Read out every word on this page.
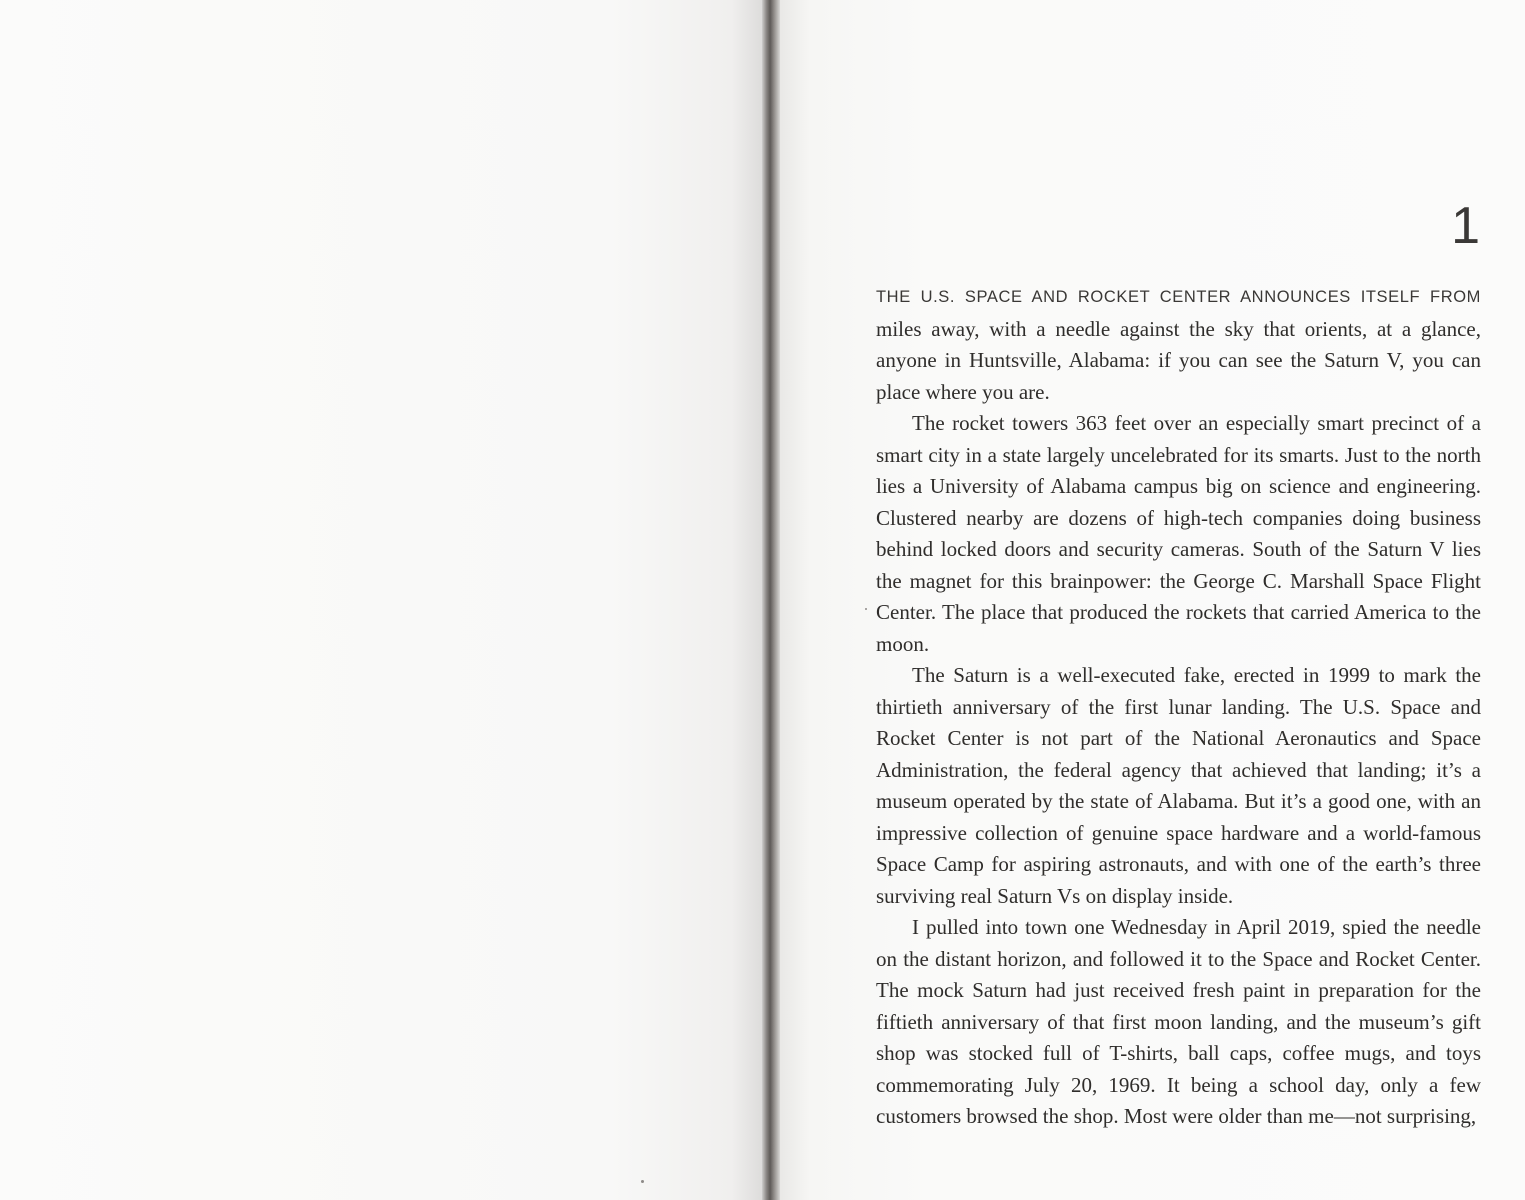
1

THE U.S. SPACE AND ROCKET CENTER ANNOUNCES ITSELF FROM miles away, with a needle against the sky that orients, at a glance, anyone in Huntsville, Alabama: if you can see the Saturn V, you can place where you are.

The rocket towers 363 feet over an especially smart precinct of a smart city in a state largely uncelebrated for its smarts. Just to the north lies a University of Alabama campus big on science and engineering. Clustered nearby are dozens of high-tech companies doing business behind locked doors and security cameras. South of the Saturn V lies the magnet for this brainpower: the George C. Marshall Space Flight Center. The place that produced the rockets that carried America to the moon.

The Saturn is a well-executed fake, erected in 1999 to mark the thirtieth anniversary of the first lunar landing. The U.S. Space and Rocket Center is not part of the National Aeronautics and Space Administration, the federal agency that achieved that landing; it’s a museum operated by the state of Alabama. But it’s a good one, with an impressive collection of genuine space hardware and a world-famous Space Camp for aspiring astronauts, and with one of the earth’s three surviving real Saturn Vs on display inside.

I pulled into town one Wednesday in April 2019, spied the needle on the distant horizon, and followed it to the Space and Rocket Center. The mock Saturn had just received fresh paint in preparation for the fiftieth anniversary of that first moon landing, and the museum’s gift shop was stocked full of T-shirts, ball caps, coffee mugs, and toys commemorating July 20, 1969. It being a school day, only a few customers browsed the shop. Most were older than me—not surprising,
